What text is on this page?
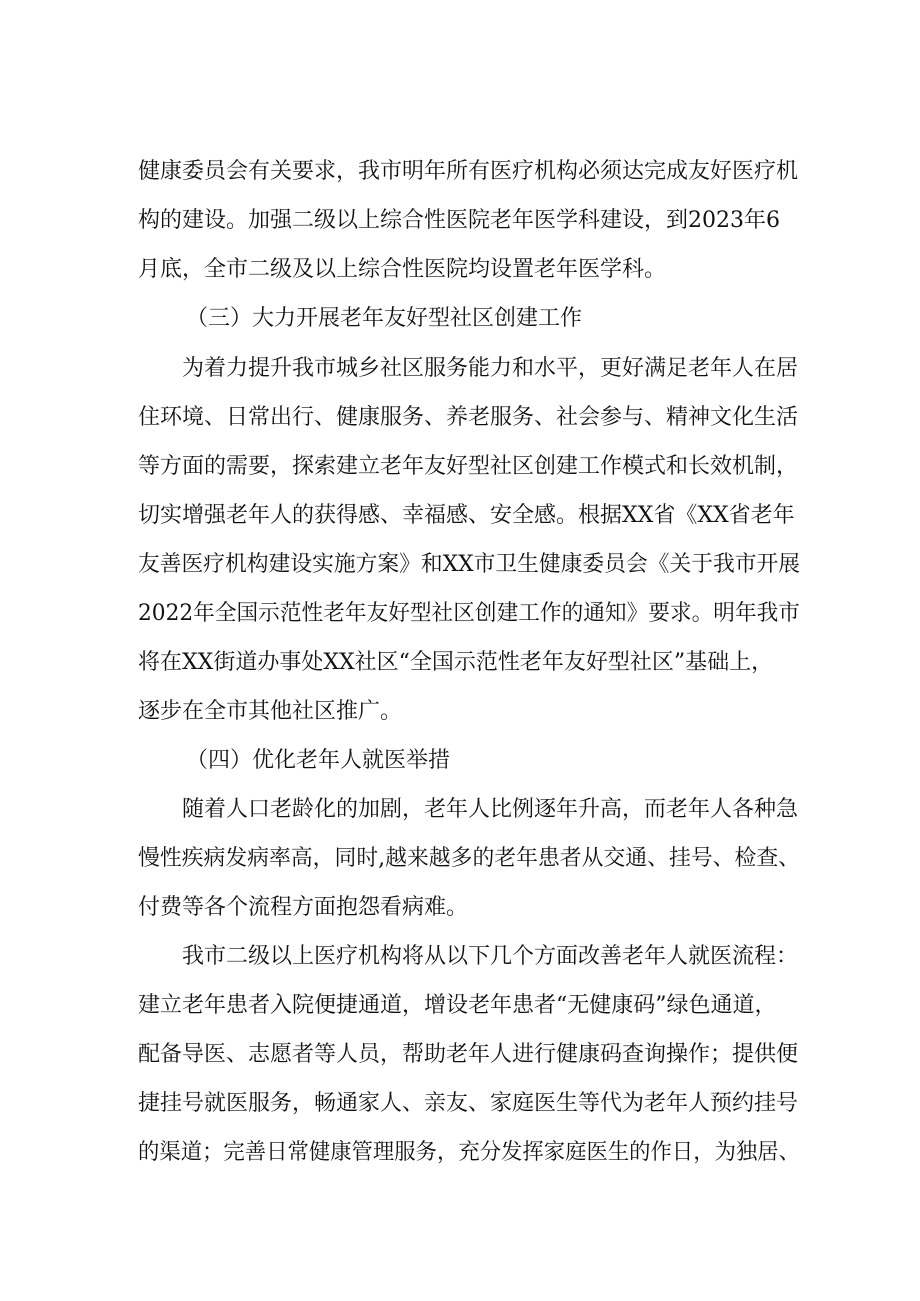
健康委员会有关要求，我市明年所有医疗机构必须达完成友好医疗机

构的建设。加强二级以上综合性医院老年医学科建设，到2023年6

月底，全市二级及以上综合性医院均设置老年医学科。

（三）大力开展老年友好型社区创建工作

为着力提升我市城乡社区服务能力和水平，更好满足老年人在居

住环境、日常出行、健康服务、养老服务、社会参与、精神文化生活

等方面的需要，探索建立老年友好型社区创建工作模式和长效机制，

切实增强老年人的获得感、幸福感、安全感。根据XX省《XX省老年

友善医疗机构建设实施方案》和XX市卫生健康委员会《关于我市开展

2022年全国示范性老年友好型社区创建工作的通知》要求。明年我市

将在XX街道办事处XX社区“全国示范性老年友好型社区”基础上，

逐步在全市其他社区推广。

（四）优化老年人就医举措

随着人口老龄化的加剧，老年人比例逐年升高，而老年人各种急

慢性疾病发病率高，同时,越来越多的老年患者从交通、挂号、检查、

付费等各个流程方面抱怨看病难。

我市二级以上医疗机构将从以下几个方面改善老年人就医流程：

建立老年患者入院便捷通道，增设老年患者“无健康码”绿色通道，

配备导医、志愿者等人员，帮助老年人进行健康码查询操作；提供便

捷挂号就医服务，畅通家人、亲友、家庭医生等代为老年人预约挂号

的渠道；完善日常健康管理服务，充分发挥家庭医生的作日，为独居、
